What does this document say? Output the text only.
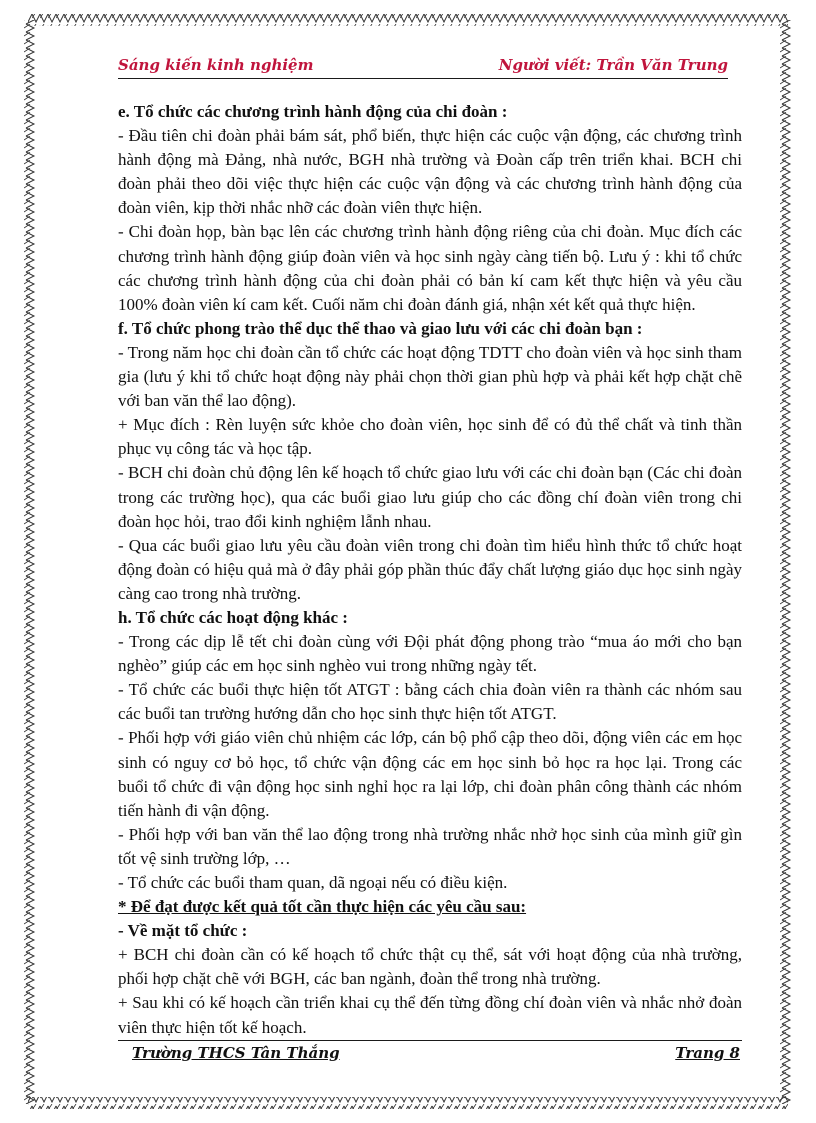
Sáng kiến kinh nghiệm	Người viết: Trần Văn Trung

e. Tổ chức các chương trình hành động của chi đoàn :

- Đầu tiên chi đoàn phải bám sát, phổ biến, thực hiện các cuộc vận động, các chương trình hành động mà Đảng, nhà nước, BGH nhà trường và Đoàn cấp trên triển khai. BCH chi đoàn phải theo dõi việc thực hiện các cuộc vận động và các chương trình hành động của đoàn viên, kịp thời nhắc nhỡ các đoàn viên thực hiện.

- Chi đoàn họp, bàn bạc lên các chương trình hành động riêng của chi đoàn. Mục đích các chương trình hành động giúp đoàn viên và học sinh ngày càng tiến bộ. Lưu ý : khi tổ chức các chương trình hành động của chi đoàn phải có bản kí cam kết thực hiện và yêu cầu 100% đoàn viên kí cam kết. Cuối năm chi đoàn đánh giá, nhận xét kết quả thực hiện.

f. Tổ chức phong trào thể dục thể thao và giao lưu với các chi đoàn bạn :

- Trong năm học chi đoàn cần tổ chức các hoạt động TDTT cho đoàn viên và học sinh tham gia (lưu ý khi tổ chức hoạt động này phải chọn thời gian phù hợp và phải kết hợp chặt chẽ với ban văn thể lao động).

+ Mục đích : Rèn luyện sức khỏe cho đoàn viên, học sinh để có đủ thể chất và tinh thần phục vụ công tác và học tập.

- BCH chi đoàn chủ động lên kế hoạch tổ chức giao lưu với các chi đoàn bạn (Các chi đoàn trong các trường học), qua các buổi giao lưu giúp cho các đồng chí đoàn viên trong chi đoàn học hỏi, trao đổi kinh nghiệm lẫnh nhau.

- Qua các buổi giao lưu yêu cầu đoàn viên trong chi đoàn tìm hiểu hình thức tổ chức hoạt động đoàn có hiệu quả mà ở đây phải góp phần thúc đẩy chất lượng giáo dục học sinh ngày càng cao trong nhà trường.

h. Tổ chức các hoạt động khác :

- Trong các dịp lễ tết chi đoàn cùng với Đội phát động phong trào “mua áo mới cho bạn nghèo” giúp các em học sinh nghèo vui trong những ngày tết.

- Tổ chức các buổi thực hiện tốt ATGT : bằng cách chia đoàn viên ra thành các nhóm sau các buổi tan trường hướng dẫn cho học sinh thực hiện tốt ATGT.

- Phối hợp với giáo viên chủ nhiệm các lớp, cán bộ phổ cập theo dõi, động viên các em học sinh có nguy cơ bỏ học, tổ chức vận động các em học sinh bỏ học ra học lại. Trong các buổi tổ chức đi vận động học sinh nghỉ học ra lại lớp, chi đoàn phân công thành các nhóm tiến hành đi vận động.

- Phối hợp với ban văn thể lao động trong nhà trường nhắc nhở học sinh của mình giữ gìn tốt vệ sinh trường lớp, …

- Tổ chức các buổi tham quan, dã ngoại nếu có điều kiện.

* Để đạt được kết quả tốt cần thực hiện các yêu cầu sau:

- Về mặt tổ chức :

+ BCH chi đoàn cần có kế hoạch tổ chức thật cụ thể, sát với hoạt động của nhà trường, phối hợp chặt chẽ với BGH, các ban ngành, đoàn thể trong nhà trường.

+ Sau khi có kế hoạch cần triển khai cụ thể đến từng đồng chí đoàn viên và nhắc nhở đoàn viên thực hiện tốt kế hoạch.

Trường THCS Tân Thắng	Trang 8
